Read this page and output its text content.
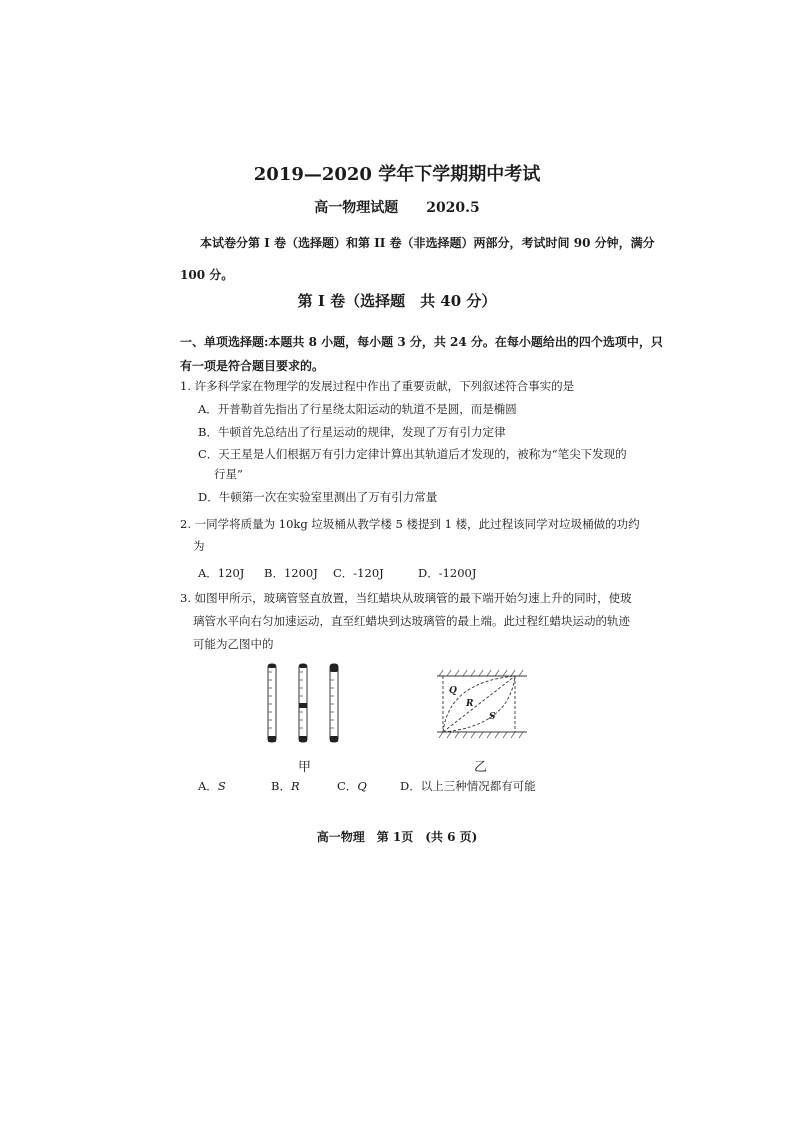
2019—2020 学年下学期期中考试
高一物理试题 2020.5
本试卷分第 I 卷（选择题）和第 II 卷（非选择题）两部分，考试时间 90 分钟，满分
100 分。
第 I 卷（选择题　共 40 分）
一、单项选择题:本题共 8 小题，每小题 3 分，共 24 分。在每小题给出的四个选项中，只
有一项是符合题目要求的。
1. 许多科学家在物理学的发展过程中作出了重要贡献，下列叙述符合事实的是
A．开普勒首先指出了行星绕太阳运动的轨道不是圆，而是椭圆
B．牛顿首先总结出了行星运动的规律，发现了万有引力定律
C．天王星是人们根据万有引力定律计算出其轨道后才发现的，被称为“笔尖下发现的
行星”
D．牛顿第一次在实验室里测出了万有引力常量
2. 一同学将质量为 10kg 垃圾桶从教学楼 5 楼提到 1 楼，此过程该同学对垃圾桶做的功约
为
A．120J B．1200J C．-120J	D．-1200J
3. 如图甲所示，玻璃管竖直放置，当红蜡块从玻璃管的最下端开始匀速上升的同时，使玻
璃管水平向右匀加速运动，直至红蜡块到达玻璃管的最上端。此过程红蜡块运动的轨迹
可能为乙图中的
甲
Q
R
S
乙
A．S	B．R	C．Q	D．以上三种情况都有可能
高一物理　第 1页　(共 6 页)
